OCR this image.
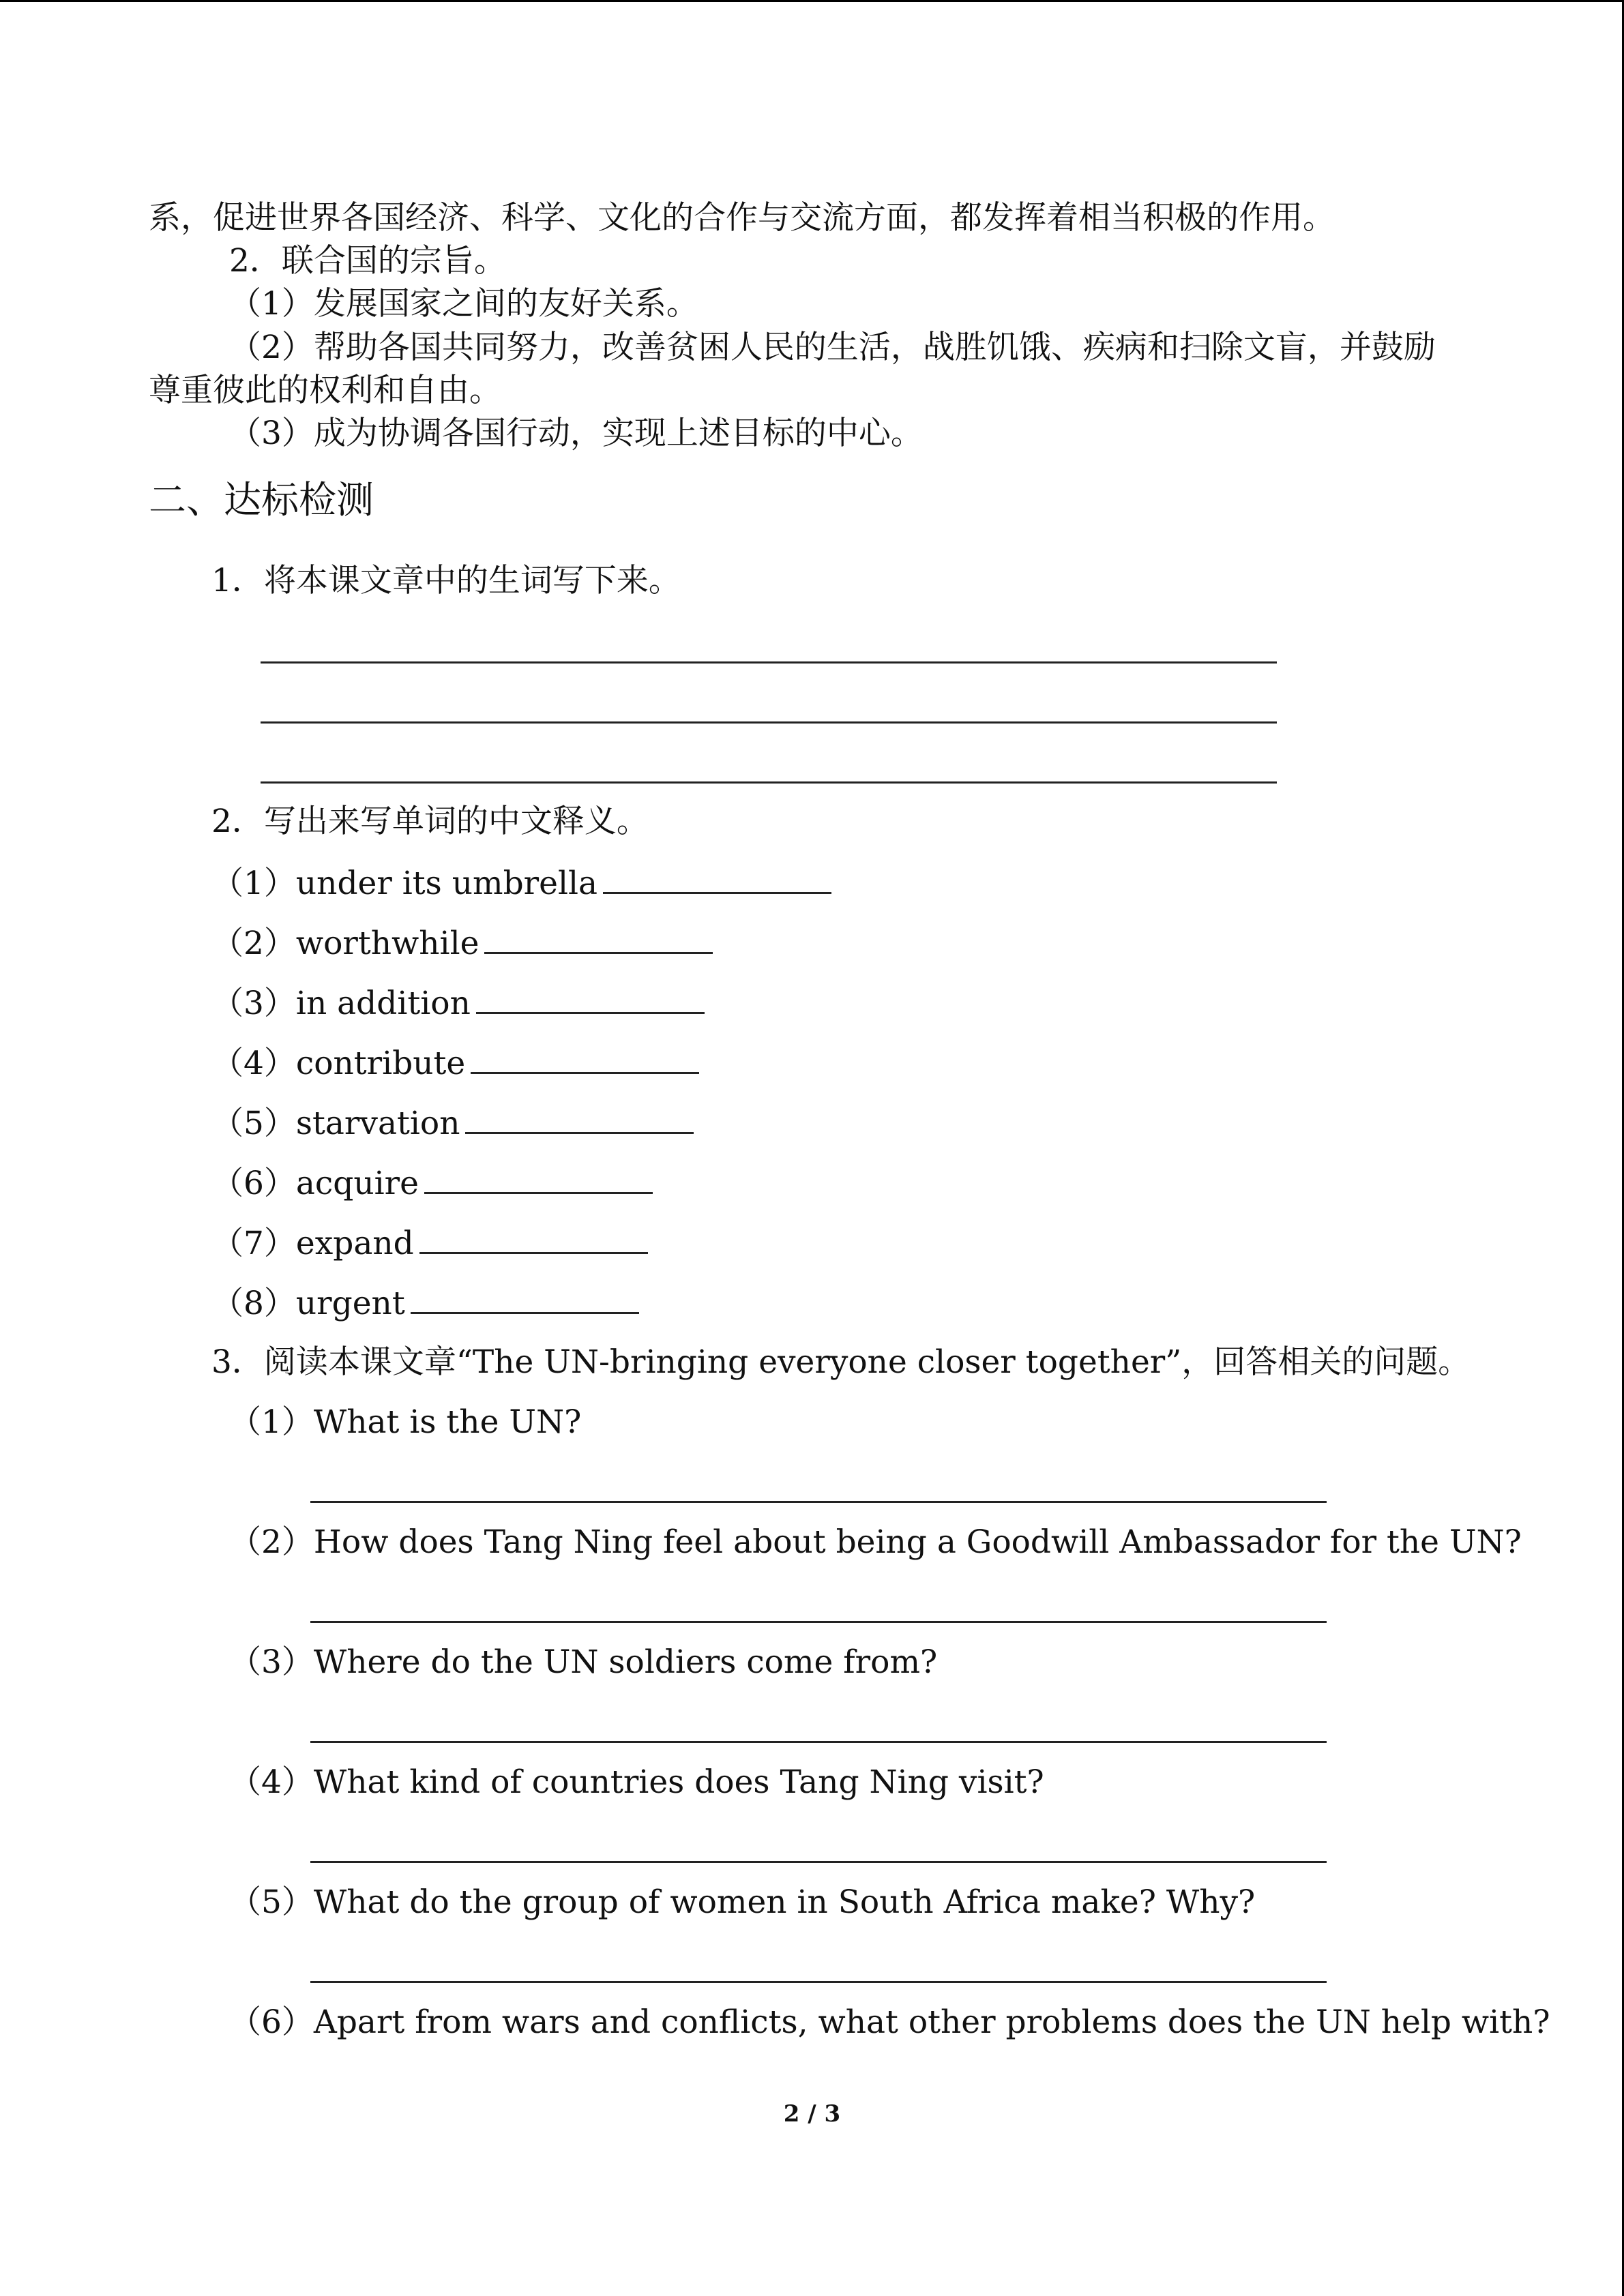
系，促进世界各国经济、科学、文化的合作与交流方面，都发挥着相当积极的作用。
2．联合国的宗旨。
（1）发展国家之间的友好关系。
（2）帮助各国共同努力，改善贫困人民的生活，战胜饥饿、疾病和扫除文盲，并鼓励
尊重彼此的权利和自由。
（3）成为协调各国行动，实现上述目标的中心。
二、达标检测
1．将本课文章中的生词写下来。
2．写出来写单词的中文释义。
（1）under its umbrella
（2）worthwhile
（3）in addition
（4）contribute
（5）starvation
（6）acquire
（7）expand
（8）urgent
3．阅读本课文章“The UN-bringing everyone closer together”，回答相关的问题。
（1）What is the UN?
（2）How does Tang Ning feel about being a Goodwill Ambassador for the UN?
（3）Where do the UN soldiers come from?
（4）What kind of countries does Tang Ning visit?
（5）What do the group of women in South Africa make? Why?
（6）Apart from wars and conflicts, what other problems does the UN help with?
2 / 3
